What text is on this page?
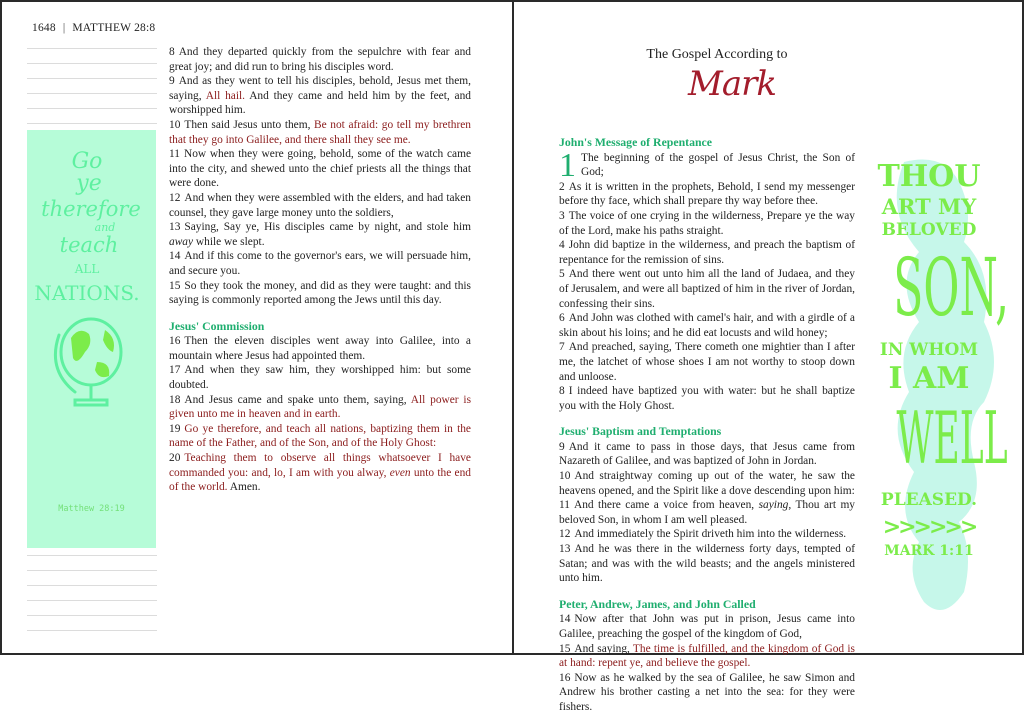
1648 | MATTHEW 28:8
Go
ye
therefore
and
teach
ALL
NATIONS.
Matthew 28:19
8 And they departed quickly from the sepulchre with fear and great joy; and did run to bring his disciples word.
9 And as they went to tell his disciples, behold, Jesus met them, saying, All hail. And they came and held him by the feet, and worshipped him.
10 Then said Jesus unto them, Be not afraid: go tell my brethren that they go into Galilee, and there shall they see me.
11 Now when they were going, behold, some of the watch came into the city, and shewed unto the chief priests all the things that were done.
12 And when they were assembled with the elders, and had taken counsel, they gave large money unto the soldiers,
13 Saying, Say ye, His disciples came by night, and stole him away while we slept.
14 And if this come to the governor's ears, we will persuade him, and secure you.
15 So they took the money, and did as they were taught: and this saying is commonly reported among the Jews until this day.
Jesus' Commission
16 Then the eleven disciples went away into Galilee, into a mountain where Jesus had appointed them.
17 And when they saw him, they worshipped him: but some doubted.
18 And Jesus came and spake unto them, saying, All power is given unto me in heaven and in earth.
19 Go ye therefore, and teach all nations, baptizing them in the name of the Father, and of the Son, and of the Holy Ghost:
20 Teaching them to observe all things whatsoever I have commanded you: and, lo, I am with you alway, even unto the end of the world. Amen.
The Gospel According to
Mark
John's Message of Repentance
1 The beginning of the gospel of Jesus Christ, the Son of God;
2 As it is written in the prophets, Behold, I send my messenger before thy face, which shall prepare thy way before thee.
3 The voice of one crying in the wilderness, Prepare ye the way of the Lord, make his paths straight.
4 John did baptize in the wilderness, and preach the baptism of repentance for the remission of sins.
5 And there went out unto him all the land of Judaea, and they of Jerusalem, and were all baptized of him in the river of Jordan, confessing their sins.
6 And John was clothed with camel's hair, and with a girdle of a skin about his loins; and he did eat locusts and wild honey;
7 And preached, saying, There cometh one mightier than I after me, the latchet of whose shoes I am not worthy to stoop down and unloose.
8 I indeed have baptized you with water: but he shall baptize you with the Holy Ghost.
Jesus' Baptism and Temptations
9 And it came to pass in those days, that Jesus came from Nazareth of Galilee, and was baptized of John in Jordan.
10 And straightway coming up out of the water, he saw the heavens opened, and the Spirit like a dove descending upon him:
11 And there came a voice from heaven, saying, Thou art my beloved Son, in whom I am well pleased.
12 And immediately the Spirit driveth him into the wilderness.
13 And he was there in the wilderness forty days, tempted of Satan; and was with the wild beasts; and the angels ministered unto him.
Peter, Andrew, James, and John Called
14 Now after that John was put in prison, Jesus came into Galilee, preaching the gospel of the kingdom of God,
15 And saying, The time is fulfilled, and the kingdom of God is at hand: repent ye, and believe the gospel.
16 Now as he walked by the sea of Galilee, he saw Simon and Andrew his brother casting a net into the sea: for they were fishers.
THOU
ART MY
BELOVED
SON,
IN WHOM
I AM
WELL
PLEASED.
MARK 1:11
>>>>>>
